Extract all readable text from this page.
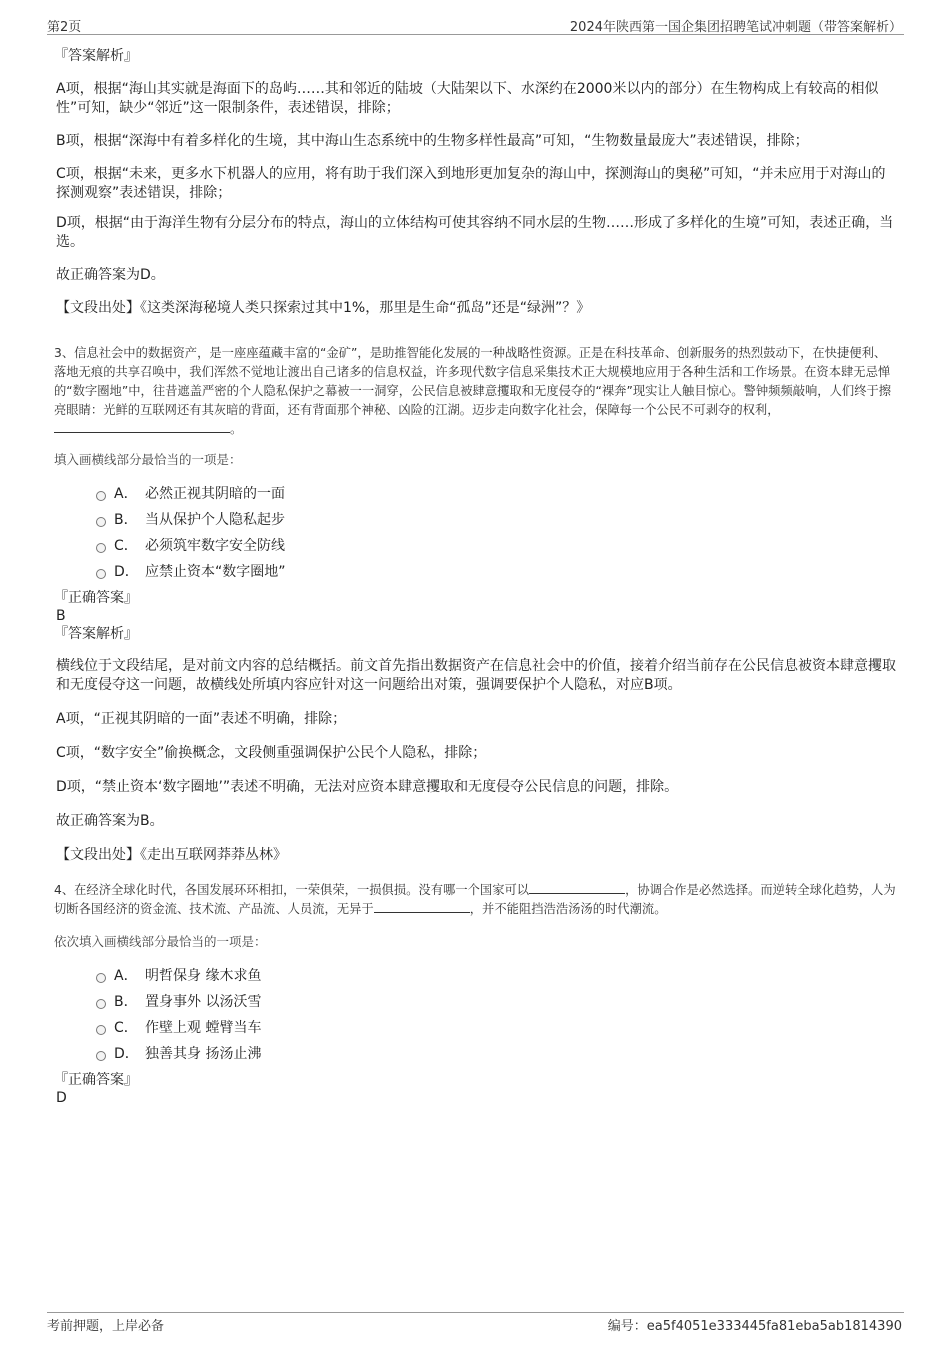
第2页	2024年陕西第一国企集团招聘笔试冲刺题（带答案解析）

『答案解析』

A项，根据“海山其实就是海面下的岛屿……其和邻近的陆坡（大陆架以下、水深约在2000米以内的部分）在生物构成上有较高的相似性”可知，缺少“邻近”这一限制条件，表述错误，排除；

B项，根据“深海中有着多样化的生境，其中海山生态系统中的生物多样性最高”可知，“生物数量最庞大”表述错误，排除；

C项，根据“未来，更多水下机器人的应用，将有助于我们深入到地形更加复杂的海山中，探测海山的奥秘”可知，“并未应用于对海山的探测观察”表述错误，排除；

D项，根据“由于海洋生物有分层分布的特点，海山的立体结构可使其容纳不同水层的生物……形成了多样化的生境”可知，表述正确，当选。

故正确答案为D。

【文段出处】《这类深海秘境人类只探索过其中1%，那里是生命“孤岛”还是“绿洲”？》

3、信息社会中的数据资产，是一座座蕴藏丰富的“金矿”，是助推智能化发展的一种战略性资源。正是在科技革命、创新服务的热烈鼓动下，在快捷便利、落地无痕的共享召唤中，我们浑然不觉地让渡出自己诸多的信息权益，许多现代数字信息采集技术正大规模地应用于各种生活和工作场景。在资本肆无忌惮的“数字圈地”中，往昔遮盖严密的个人隐私保护之幕被一一洞穿，公民信息被肆意攫取和无度侵夺的“裸奔”现实让人触目惊心。警钟频频敲响，人们终于擦亮眼睛：光鲜的互联网还有其灰暗的背面，还有背面那个神秘、凶险的江湖。迈步走向数字化社会，保障每一个公民不可剥夺的权利，。

填入画横线部分最恰当的一项是：

A． 必然正视其阴暗的一面
B． 当从保护个人隐私起步
C． 必须筑牢数字安全防线
D． 应禁止资本“数字圈地”

『正确答案』

B

『答案解析』

横线位于文段结尾，是对前文内容的总结概括。前文首先指出数据资产在信息社会中的价值，接着介绍当前存在公民信息被资本肆意攫取和无度侵夺这一问题，故横线处所填内容应针对这一问题给出对策，强调要保护个人隐私，对应B项。

A项，“正视其阴暗的一面”表述不明确，排除；

C项，“数字安全”偷换概念，文段侧重强调保护公民个人隐私，排除；

D项，“禁止资本‘数字圈地’”表述不明确，无法对应资本肆意攫取和无度侵夺公民信息的问题，排除。

故正确答案为B。

【文段出处】《走出互联网莽莽丛林》

4、在经济全球化时代，各国发展环环相扣，一荣俱荣，一损俱损。没有哪一个国家可以	，协调合作是必然选择。而逆转全球化趋势，人为切断各国经济的资金流、技术流、产品流、人员流，无异于	，并不能阻挡浩浩汤汤的时代潮流。

依次填入画横线部分最恰当的一项是：

A． 明哲保身 缘木求鱼
B． 置身事外 以汤沃雪
C． 作壁上观 螳臂当车
D． 独善其身 扬汤止沸

『正确答案』

D

考前押题，上岸必备	编号：ea5f4051e333445fa81eba5ab1814390
